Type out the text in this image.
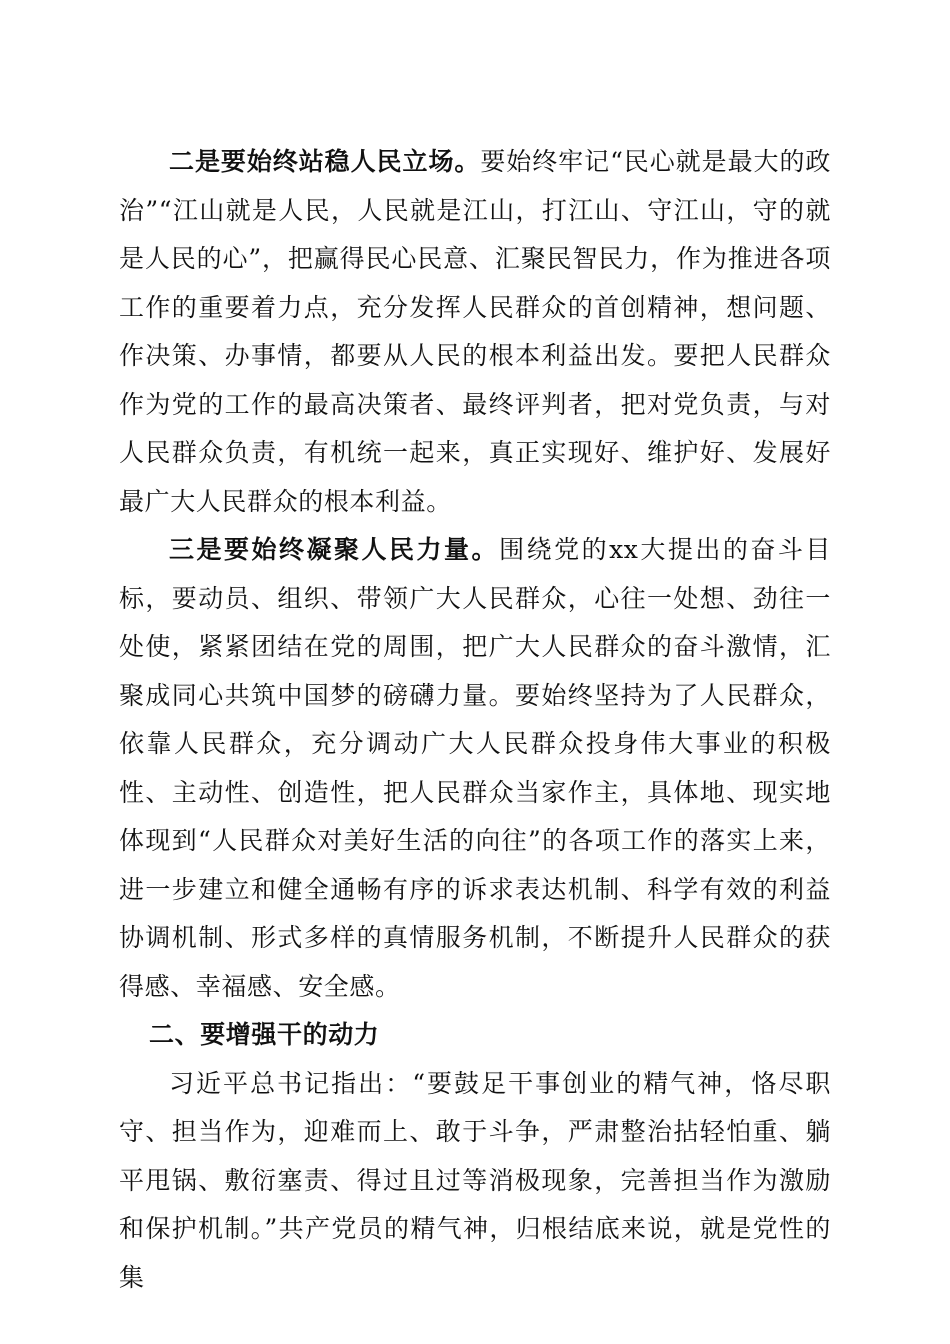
二是要始终站稳人民立场。要始终牢记“民心就是最大的政治”“江山就是人民，人民就是江山，打江山、守江山，守的就是人民的心”，把赢得民心民意、汇聚民智民力，作为推进各项工作的重要着力点，充分发挥人民群众的首创精神，想问题、作决策、办事情，都要从人民的根本利益出发。要把人民群众作为党的工作的最高决策者、最终评判者，把对党负责，与对人民群众负责，有机统一起来，真正实现好、维护好、发展好最广大人民群众的根本利益。

三是要始终凝聚人民力量。围绕党的xx大提出的奋斗目标，要动员、组织、带领广大人民群众，心往一处想、劲往一处使，紧紧团结在党的周围，把广大人民群众的奋斗激情，汇聚成同心共筑中国梦的磅礴力量。要始终坚持为了人民群众，依靠人民群众，充分调动广大人民群众投身伟大事业的积极性、主动性、创造性，把人民群众当家作主，具体地、现实地体现到“人民群众对美好生活的向往”的各项工作的落实上来，进一步建立和健全通畅有序的诉求表达机制、科学有效的利益协调机制、形式多样的真情服务机制，不断提升人民群众的获得感、幸福感、安全感。

二、要增强干的动力

习近平总书记指出：“要鼓足干事创业的精气神，恪尽职守、担当作为，迎难而上、敢于斗争，严肃整治拈轻怕重、躺平甩锅、敷衍塞责、得过且过等消极现象，完善担当作为激励和保护机制。”共产党员的精气神，归根结底来说，就是党性的集
